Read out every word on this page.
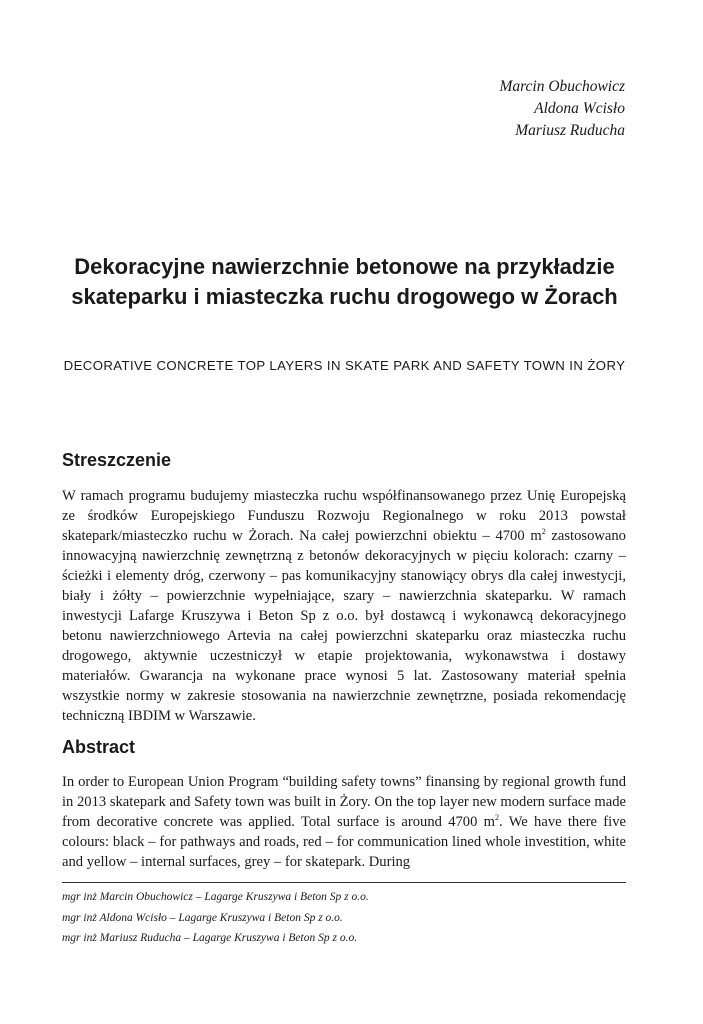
Marcin Obuchowicz
Aldona Wcisło
Mariusz Ruducha
Dekoracyjne nawierzchnie betonowe na przykładzie skateparku i miasteczka ruchu drogowego w Żorach
DECORATIVE CONCRETE TOP LAYERS IN SKATE PARK AND SAFETY TOWN IN ŻORY
Streszczenie
W ramach programu budujemy miasteczka ruchu współfinansowanego przez Unię Europejską ze środków Europejskiego Funduszu Rozwoju Regionalnego w roku 2013 powstał skatepark/miasteczko ruchu w Żorach. Na całej powierzchni obiektu – 4700 $m^2$ zastosowano innowacyjną nawierzchnię zewnętrzną z betonów dekoracyjnych w pięciu kolorach: czarny – ścieżki i elementy dróg, czerwony – pas komunikacyjny stanowiący obrys dla całej inwestycji, biały i żółty – powierzchnie wypełniające, szary – nawierzchnia skateparku. W ramach inwestycji Lafarge Kruszywa i Beton Sp z o.o. był dostawcą i wykonawcą dekoracyjnego betonu nawierzchniowego Artevia na całej powierzchni skateparku oraz miasteczka ruchu drogowego, aktywnie uczestniczył w etapie projektowania, wykonawstwa i dostawy materiałów. Gwarancja na wykonane prace wynosi 5 lat. Zastosowany materiał spełnia wszystkie normy w zakresie stosowania na nawierzchnie zewnętrzne, posiada rekomendację techniczną IBDIM w Warszawie.
Abstract
In order to European Union Program “building safety towns” finansing by regional growth fund in 2013 skatepark and Safety town was built in Żory. On the top layer new modern surface made from decorative concrete was applied. Total surface is around 4700 $m^2$. We have there five colours: black – for pathways and roads, red – for communication lined whole investition, white and yellow – internal surfaces, grey – for skatepark. During
mgr inż Marcin Obuchowicz – Lagarge Kruszywa i Beton Sp z o.o.
mgr inż Aldona Wcisło – Lagarge Kruszywa i Beton Sp z o.o.
mgr inż Mariusz Ruducha – Lagarge Kruszywa i Beton Sp z o.o.
